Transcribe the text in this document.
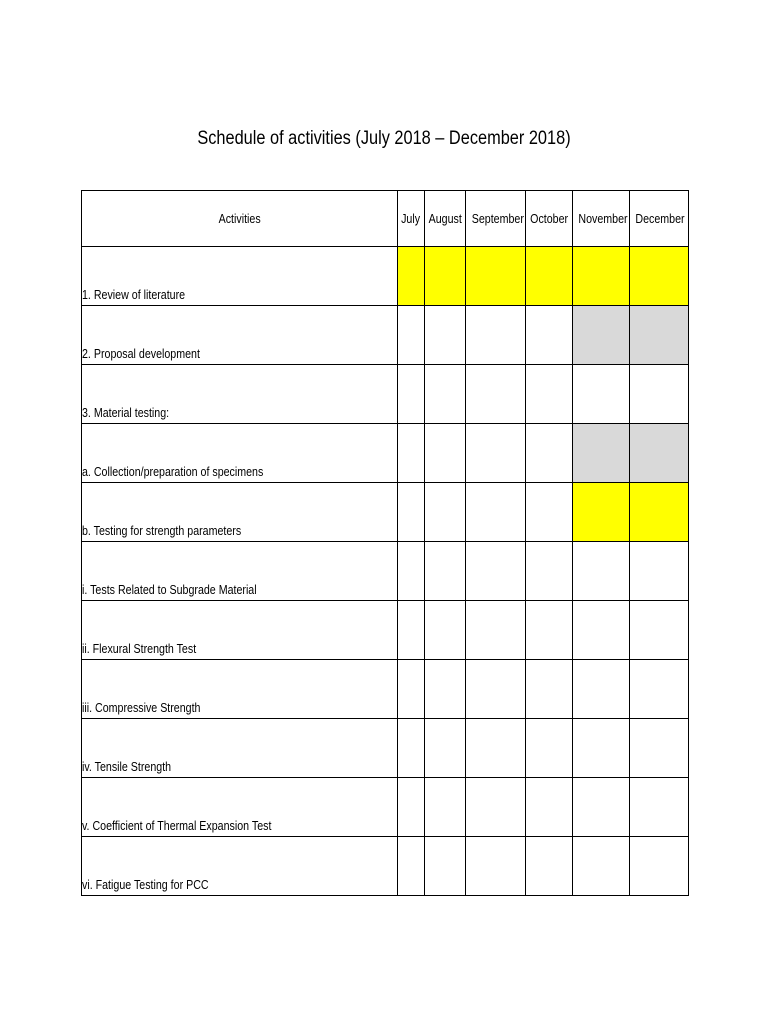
Schedule of activities (July 2018 – December 2018)
Activities	July	August	September	October	November	December
1. Review of literature						
2. Proposal development						
3. Material testing:						
a. Collection/preparation of specimens						
b. Testing for strength parameters						
i. Tests Related to Subgrade Material						
ii. Flexural Strength Test						
iii. Compressive Strength						
iv. Tensile Strength						
v. Coefficient of Thermal Expansion Test						
vi. Fatigue Testing for PCC						
